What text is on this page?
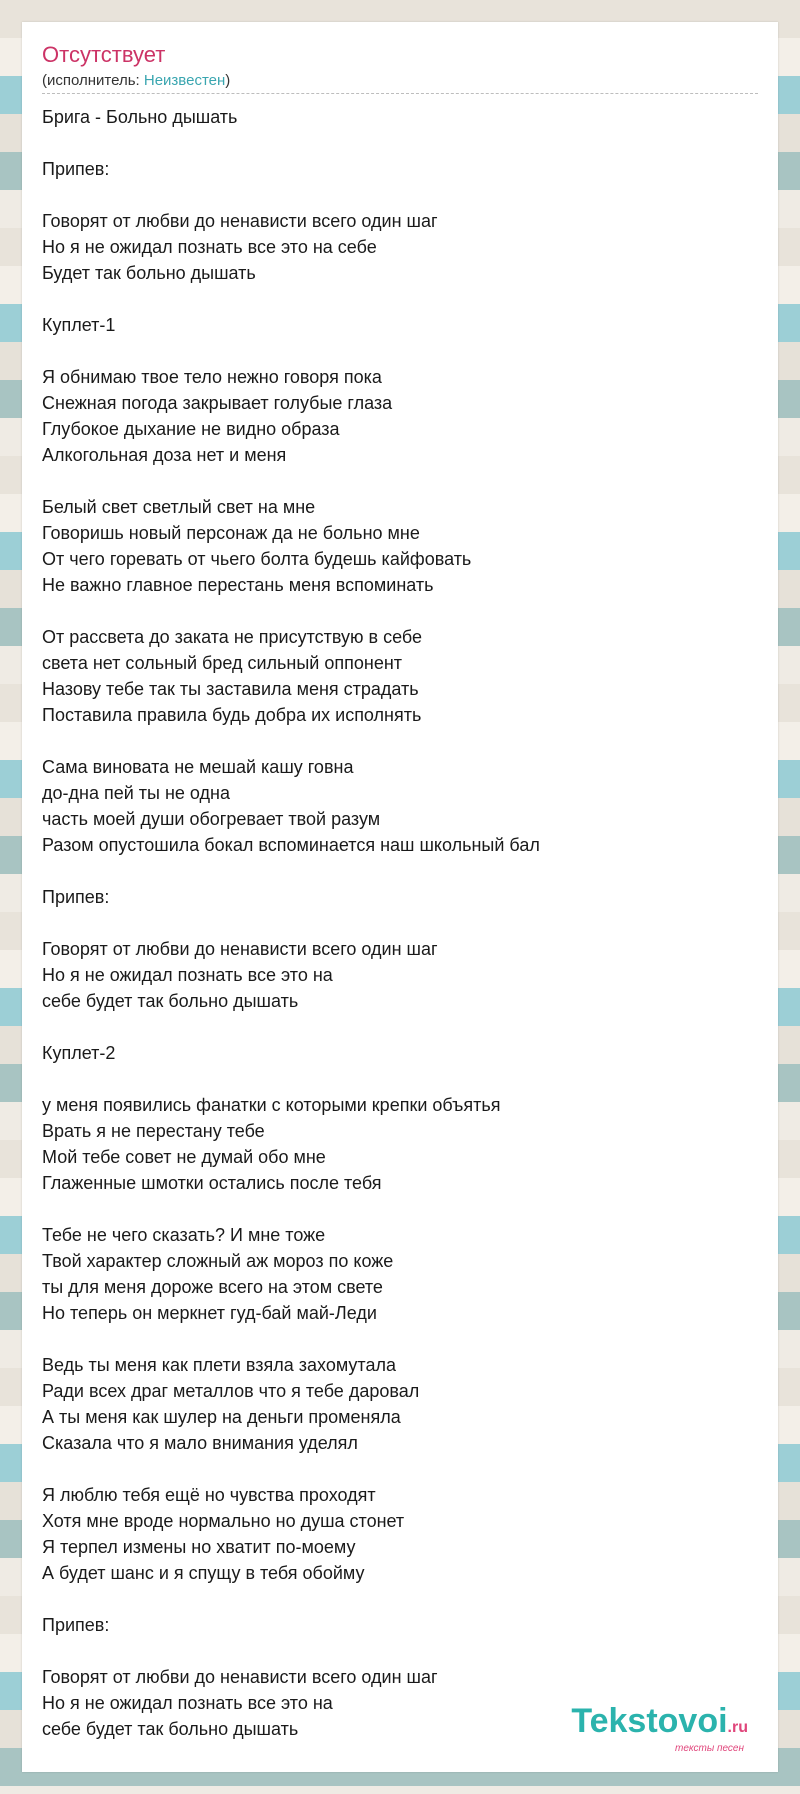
Отсутствует
(исполнитель: Неизвестен)
Брига - Больно дышать

Припев:

Говорят от любви до ненависти всего один шаг
Но я не ожидал познать все это на себе
Будет так больно дышать

Куплет-1

Я обнимаю твое тело нежно говоря пока
Снежная погода закрывает голубые глаза
Глубокое дыхание не видно образа
Алкогольная доза нет и меня

Белый свет светлый свет на мне
Говоришь новый персонаж да не больно мне
От чего горевать от чьего болта будешь кайфовать
Не важно главное перестань меня вспоминать

От рассвета до заката не присутствую в себе
света нет сольный бред сильный оппонент
Назову тебе так ты заставила меня страдать
Поставила правила будь добра их исполнять

Сама виновата не мешай кашу говна
до-дна пей ты не одна
часть моей души обогревает твой разум
Разом опустошила бокал вспоминается наш школьный бал

Припев:

Говорят от любви до ненависти всего один шаг
Но я не ожидал познать все это на
себе будет так больно дышать

Куплет-2

у меня появились фанатки с которыми крепки объятья
Врать я не перестану тебе
Мой тебе совет не думай обо мне
Глаженные шмотки остались после тебя

Тебе не чего сказать? И мне тоже
Твой характер сложный аж мороз по коже
ты для меня дороже всего на этом свете
Но теперь он меркнет гуд-бай май-Леди

Ведь ты меня как плети взяла захомутала
Ради всех драг металлов что я тебе даровал
А ты меня как шулер на деньги променяла
Сказала что я мало внимания уделял

Я люблю тебя ещё но чувства проходят
Хотя мне вроде нормально но душа стонет
Я терпел измены но хватит по-моему
А будет шанс и я спущу в тебя обойму

Припев:

Говорят от любви до ненависти всего один шаг
Но я не ожидал познать все это на
себе будет так больно дышать	Tekstovoi.ru
тексты песен
